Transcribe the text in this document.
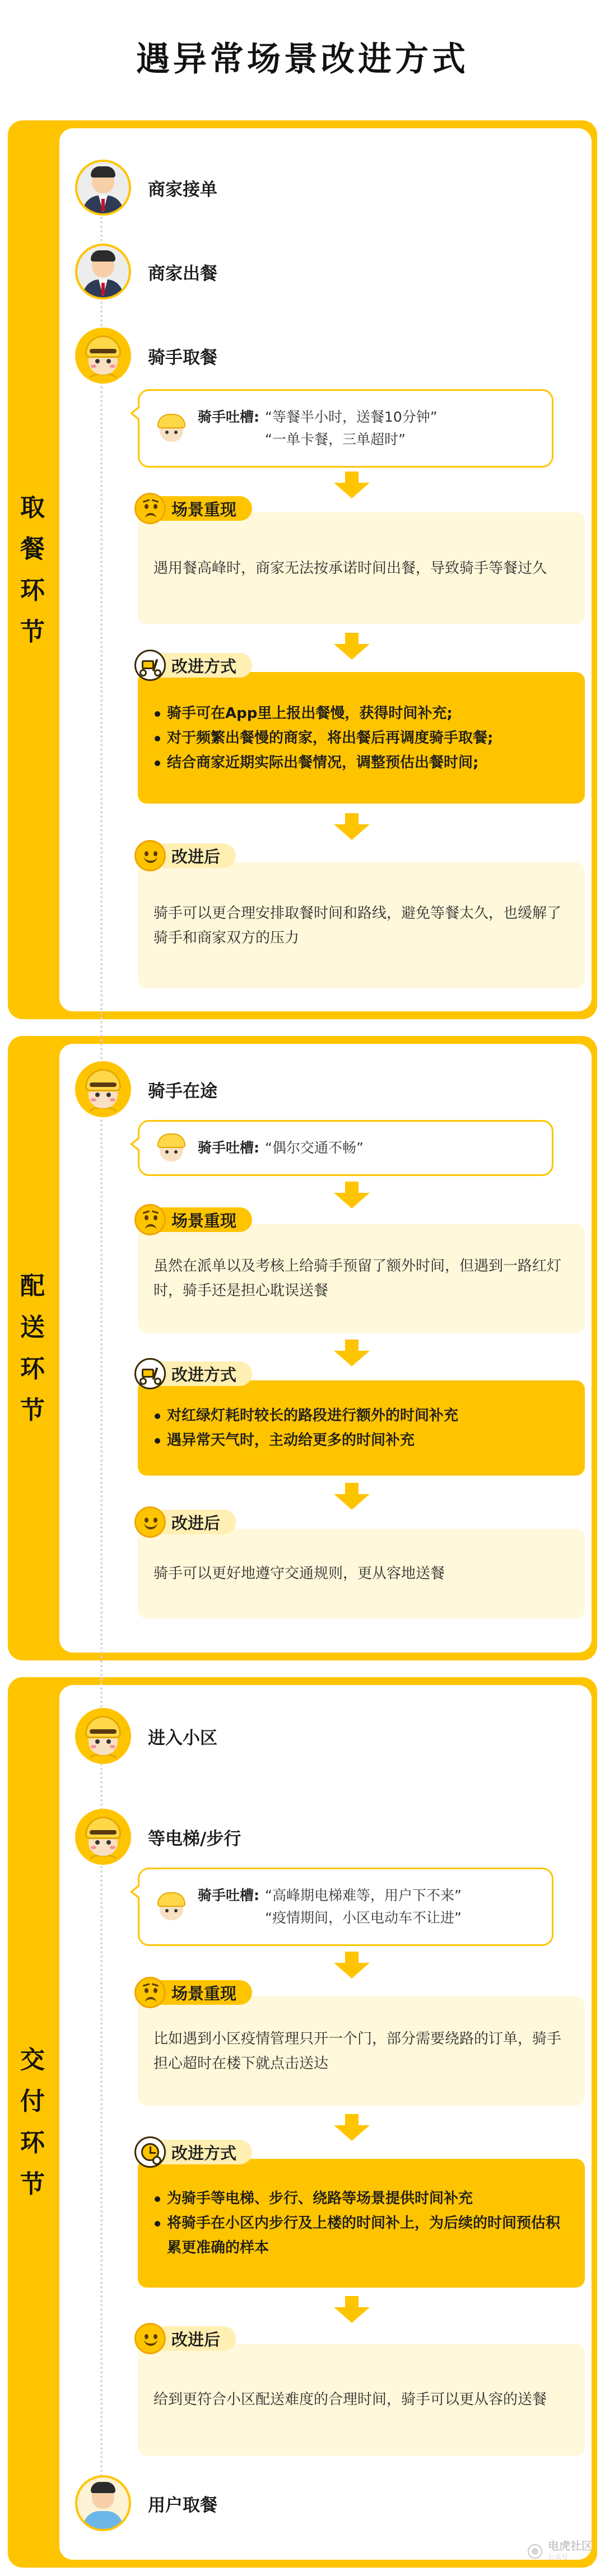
遇异常场景改进方式
取餐环节
配送环节
交付环节
商家接单
商家出餐
骑手取餐
骑手吐槽: “等餐半小时，送餐10分钟”
“一单卡餐，三单超时”
场景重现
遇用餐高峰时，商家无法按承诺时间出餐，导致骑手等餐过久
改进方式
骑手可在App里上报出餐慢，获得时间补充;
对于频繁出餐慢的商家，将出餐后再调度骑手取餐;
结合商家近期实际出餐情况，调整预估出餐时间;
改进后
骑手可以更合理安排取餐时间和路线，避免等餐太久，也缓解了骑手和商家双方的压力
骑手在途
骑手吐槽: “偶尔交通不畅”
场景重现
虽然在派单以及考核上给骑手预留了额外时间，但遇到一路红灯时，骑手还是担心耽误送餐
改进方式
对红绿灯耗时较长的路段进行额外的时间补充
遇异常天气时，主动给更多的时间补充
改进后
骑手可以更好地遵守交通规则，更从容地送餐
进入小区
等电梯/步行
骑手吐槽: “高峰期电梯难等，用户下不来”
“疫情期间，小区电动车不让进”
场景重现
比如遇到小区疫情管理只开一个门，部分需要绕路的订单，骑手担心超时在楼下就点击送达
改进方式
为骑手等电梯、步行、绕路等场景提供时间补充
将骑手在小区内步行及上楼的时间补上，为后续的时间预估积累更准确的样本
改进后
给到更符合小区配送难度的合理时间，骑手可以更从容的送餐
用户取餐
电虎社区
公众号
